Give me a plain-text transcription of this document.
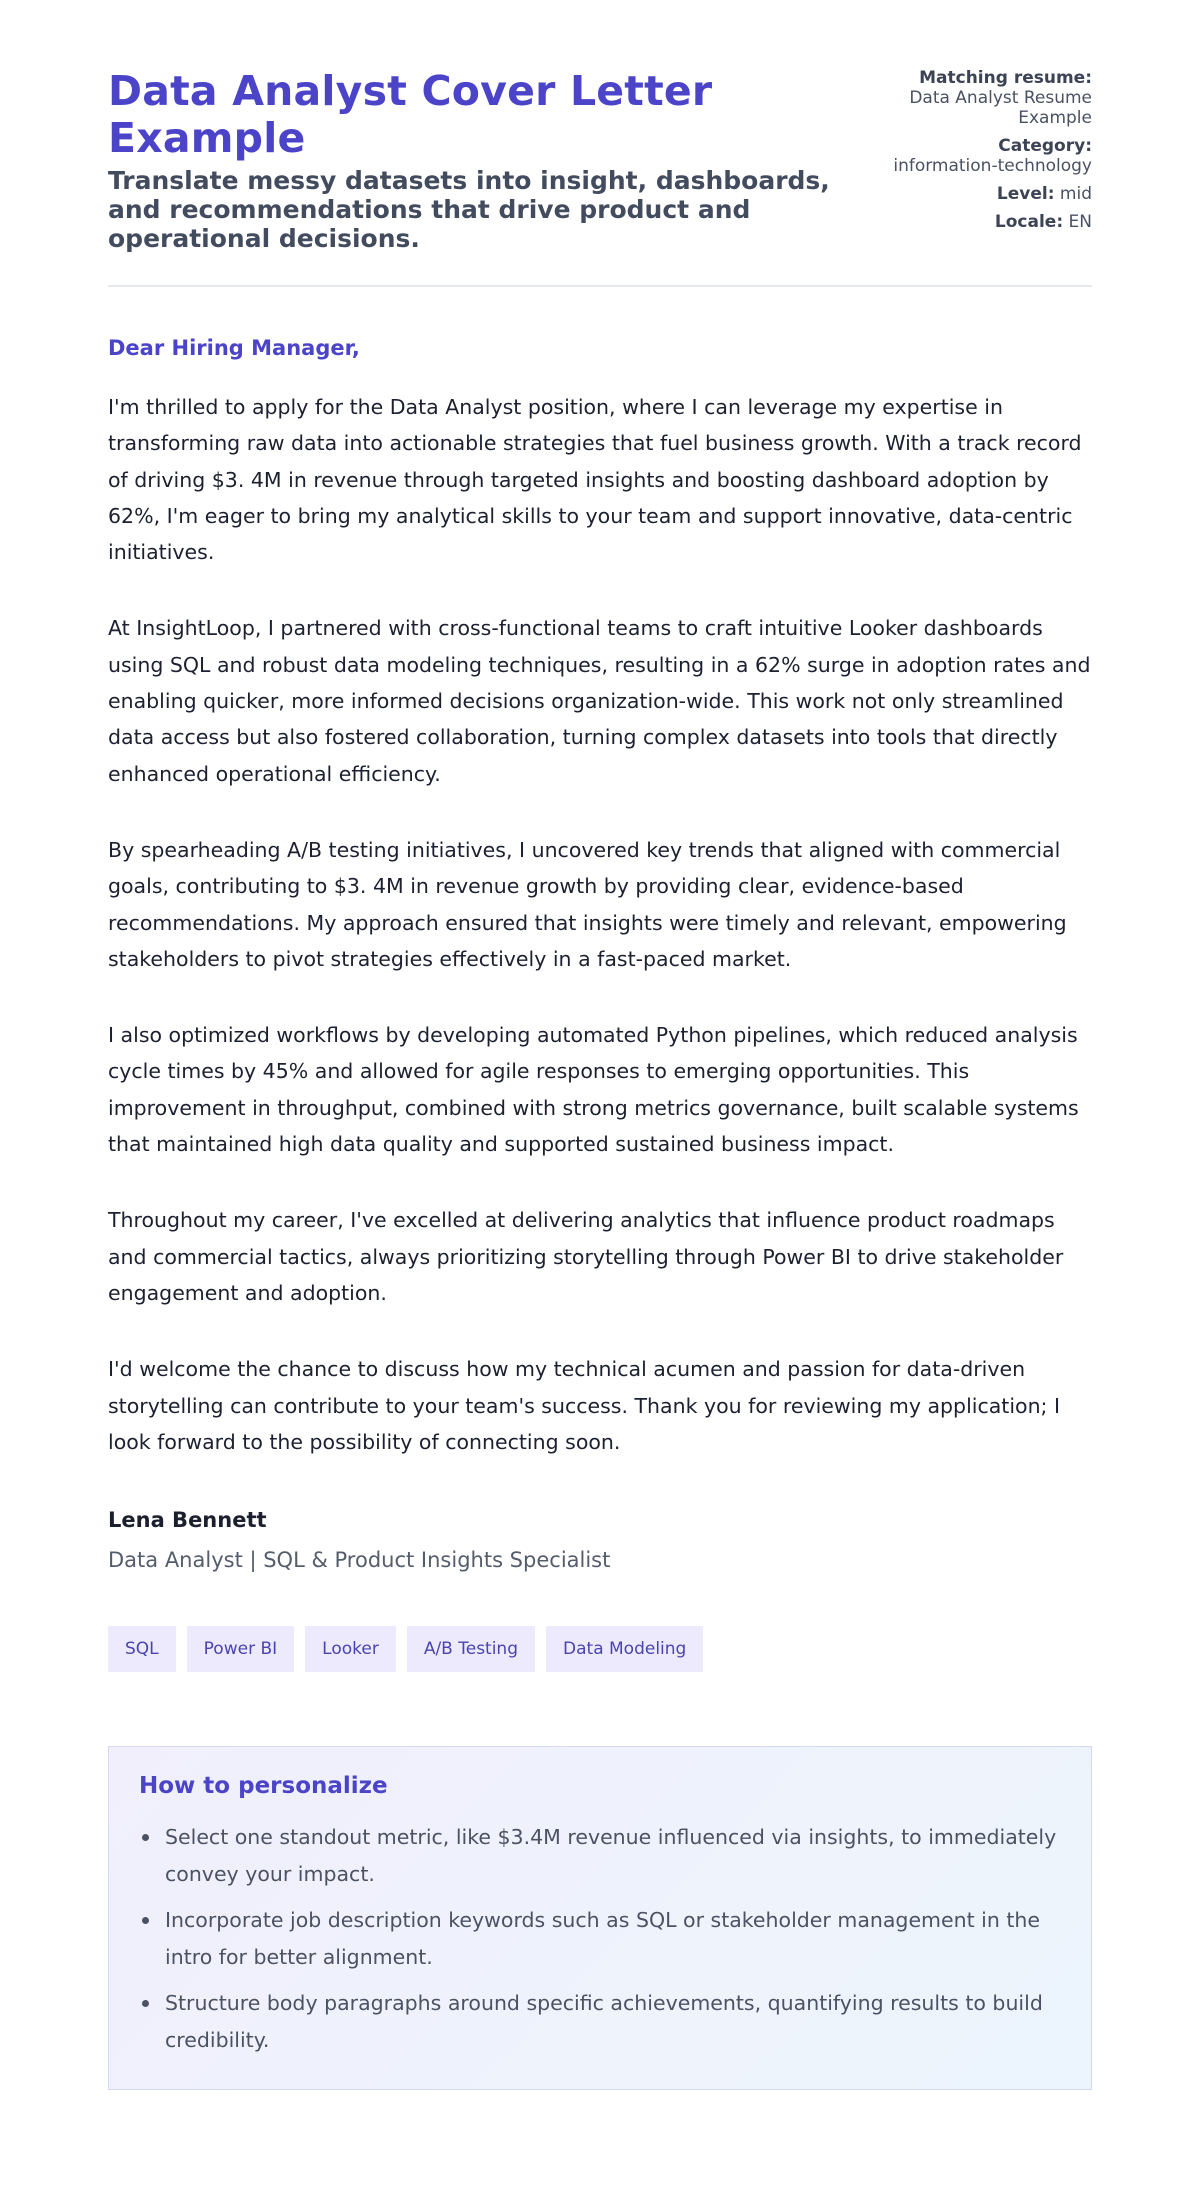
Data Analyst Cover Letter Example
Translate messy datasets into insight, dashboards, and recommendations that drive product and operational decisions.
Matching resume:
Data Analyst Resume Example
Category:
information-technology
Level: mid
Locale: EN
Dear Hiring Manager,

I'm thrilled to apply for the Data Analyst position, where I can leverage my expertise in transforming raw data into actionable strategies that fuel business growth. With a track record of driving $3. 4M in revenue through targeted insights and boosting dashboard adoption by 62%, I'm eager to bring my analytical skills to your team and support innovative, data-centric initiatives.

At InsightLoop, I partnered with cross-functional teams to craft intuitive Looker dashboards using SQL and robust data modeling techniques, resulting in a 62% surge in adoption rates and enabling quicker, more informed decisions organization-wide. This work not only streamlined data access but also fostered collaboration, turning complex datasets into tools that directly enhanced operational efficiency.

By spearheading A/B testing initiatives, I uncovered key trends that aligned with commercial goals, contributing to $3. 4M in revenue growth by providing clear, evidence-based recommendations. My approach ensured that insights were timely and relevant, empowering stakeholders to pivot strategies effectively in a fast-paced market.

I also optimized workflows by developing automated Python pipelines, which reduced analysis cycle times by 45% and allowed for agile responses to emerging opportunities. This improvement in throughput, combined with strong metrics governance, built scalable systems that maintained high data quality and supported sustained business impact.

Throughout my career, I've excelled at delivering analytics that influence product roadmaps and commercial tactics, always prioritizing storytelling through Power BI to drive stakeholder engagement and adoption.

I'd welcome the chance to discuss how my technical acumen and passion for data-driven storytelling can contribute to your team's success. Thank you for reviewing my application; I look forward to the possibility of connecting soon.

Lena Bennett
Data Analyst | SQL & Product Insights Specialist
SQL	Power BI	Looker	A/B Testing	Data Modeling
How to personalize
Select one standout metric, like $3.4M revenue influenced via insights, to immediately convey your impact.
Incorporate job description keywords such as SQL or stakeholder management in the intro for better alignment.
Structure body paragraphs around specific achievements, quantifying results to build credibility.
